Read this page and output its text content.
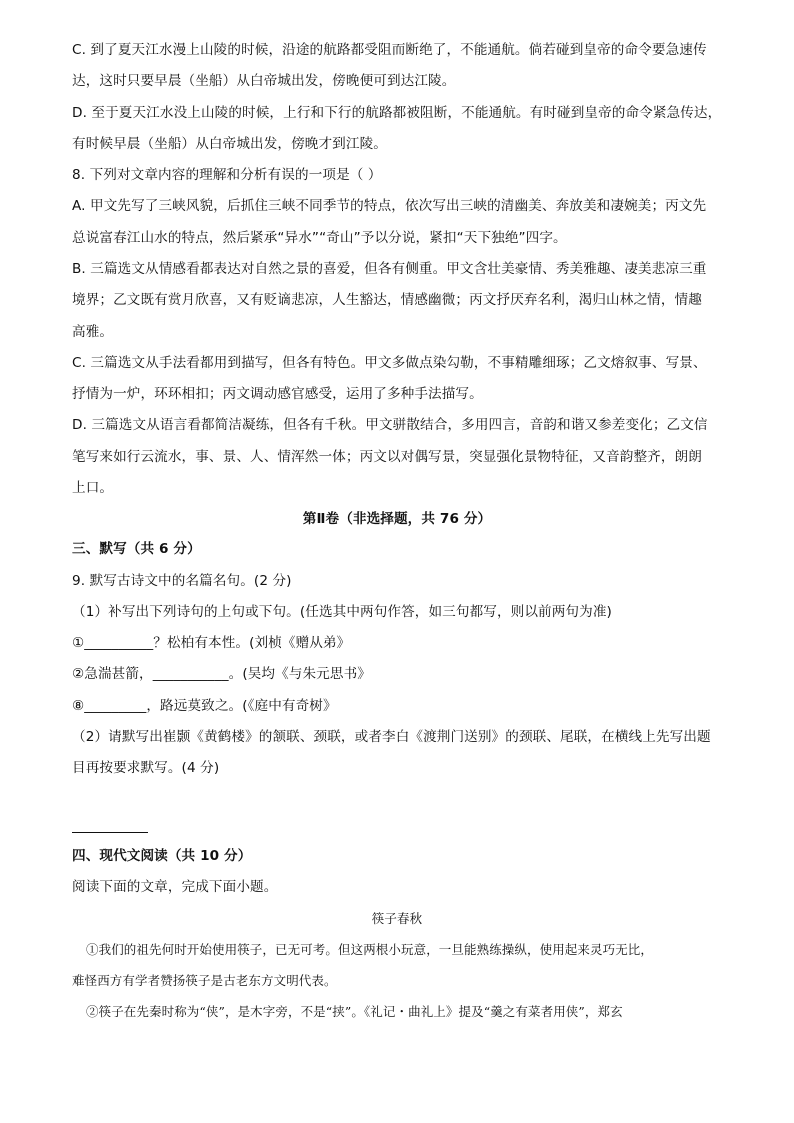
C. 到了夏天江水漫上山陵的时候，沿途的航路都受阻而断绝了，不能通航。倘若碰到皇帝的命令要急速传
达，这时只要早晨（坐船）从白帝城出发，傍晚便可到达江陵。
D. 至于夏天江水没上山陵的时候，上行和下行的航路都被阻断，不能通航。有时碰到皇帝的命令紧急传达，
有时候早晨（坐船）从白帝城出发，傍晚才到江陵。
8. 下列对文章内容的理解和分析有误的一项是（ ）
A. 甲文先写了三峡风貌，后抓住三峡不同季节的特点，依次写出三峡的清幽美、奔放美和凄婉美；丙文先
总说富春江山水的特点，然后紧承“异水”“奇山”予以分说，紧扣“天下独绝”四字。
B. 三篇选文从情感看都表达对自然之景的喜爱，但各有侧重。甲文含壮美豪情、秀美雅趣、凄美悲凉三重
境界；乙文既有赏月欣喜，又有贬谪悲凉，人生豁达，情感幽微；丙文抒厌弃名利，渴归山林之情，情趣
高雅。
C. 三篇选文从手法看都用到描写，但各有特色。甲文多做点染勾勒，不事精雕细琢；乙文熔叙事、写景、
抒情为一炉，环环相扣；丙文调动感官感受，运用了多种手法描写。
D. 三篇选文从语言看都简洁凝练，但各有千秋。甲文骈散结合，多用四言，音韵和谐又参差变化；乙文信
笔写来如行云流水，事、景、人、情浑然一体；丙文以对偶写景，突显强化景物特征，又音韵整齐，朗朗
上口。
第Ⅱ卷（非选择题，共 76 分）
三、默写（共 6 分）
9. 默写古诗文中的名篇名句。(2 分)
（1）补写出下列诗句的上句或下句。(任选其中两句作答，如三句都写，则以前两句为准)
①__________？松柏有本性。(刘桢《赠从弟》
②急湍甚箭，___________。(吴均《与朱元思书》
⑧_________，路远莫致之。(《庭中有奇树》
（2）请默写出崔颢《黄鹤楼》的颔联、颈联，或者李白《渡荆门送别》的颈联、尾联，在横线上先写出题
目再按要求默写。(4 分)
四、现代文阅读（共 10 分）
阅读下面的文章，完成下面小题。
筷子春秋
①我们的祖先何时开始使用筷子，已无可考。但这两根小玩意，一旦能熟练操纵，使用起来灵巧无比，
难怪西方有学者赞扬筷子是古老东方文明代表。
②筷子在先秦时称为“侠”，是木字旁，不是“挟”。《礼记・曲礼上》提及“羹之有菜者用侠”，郑玄
